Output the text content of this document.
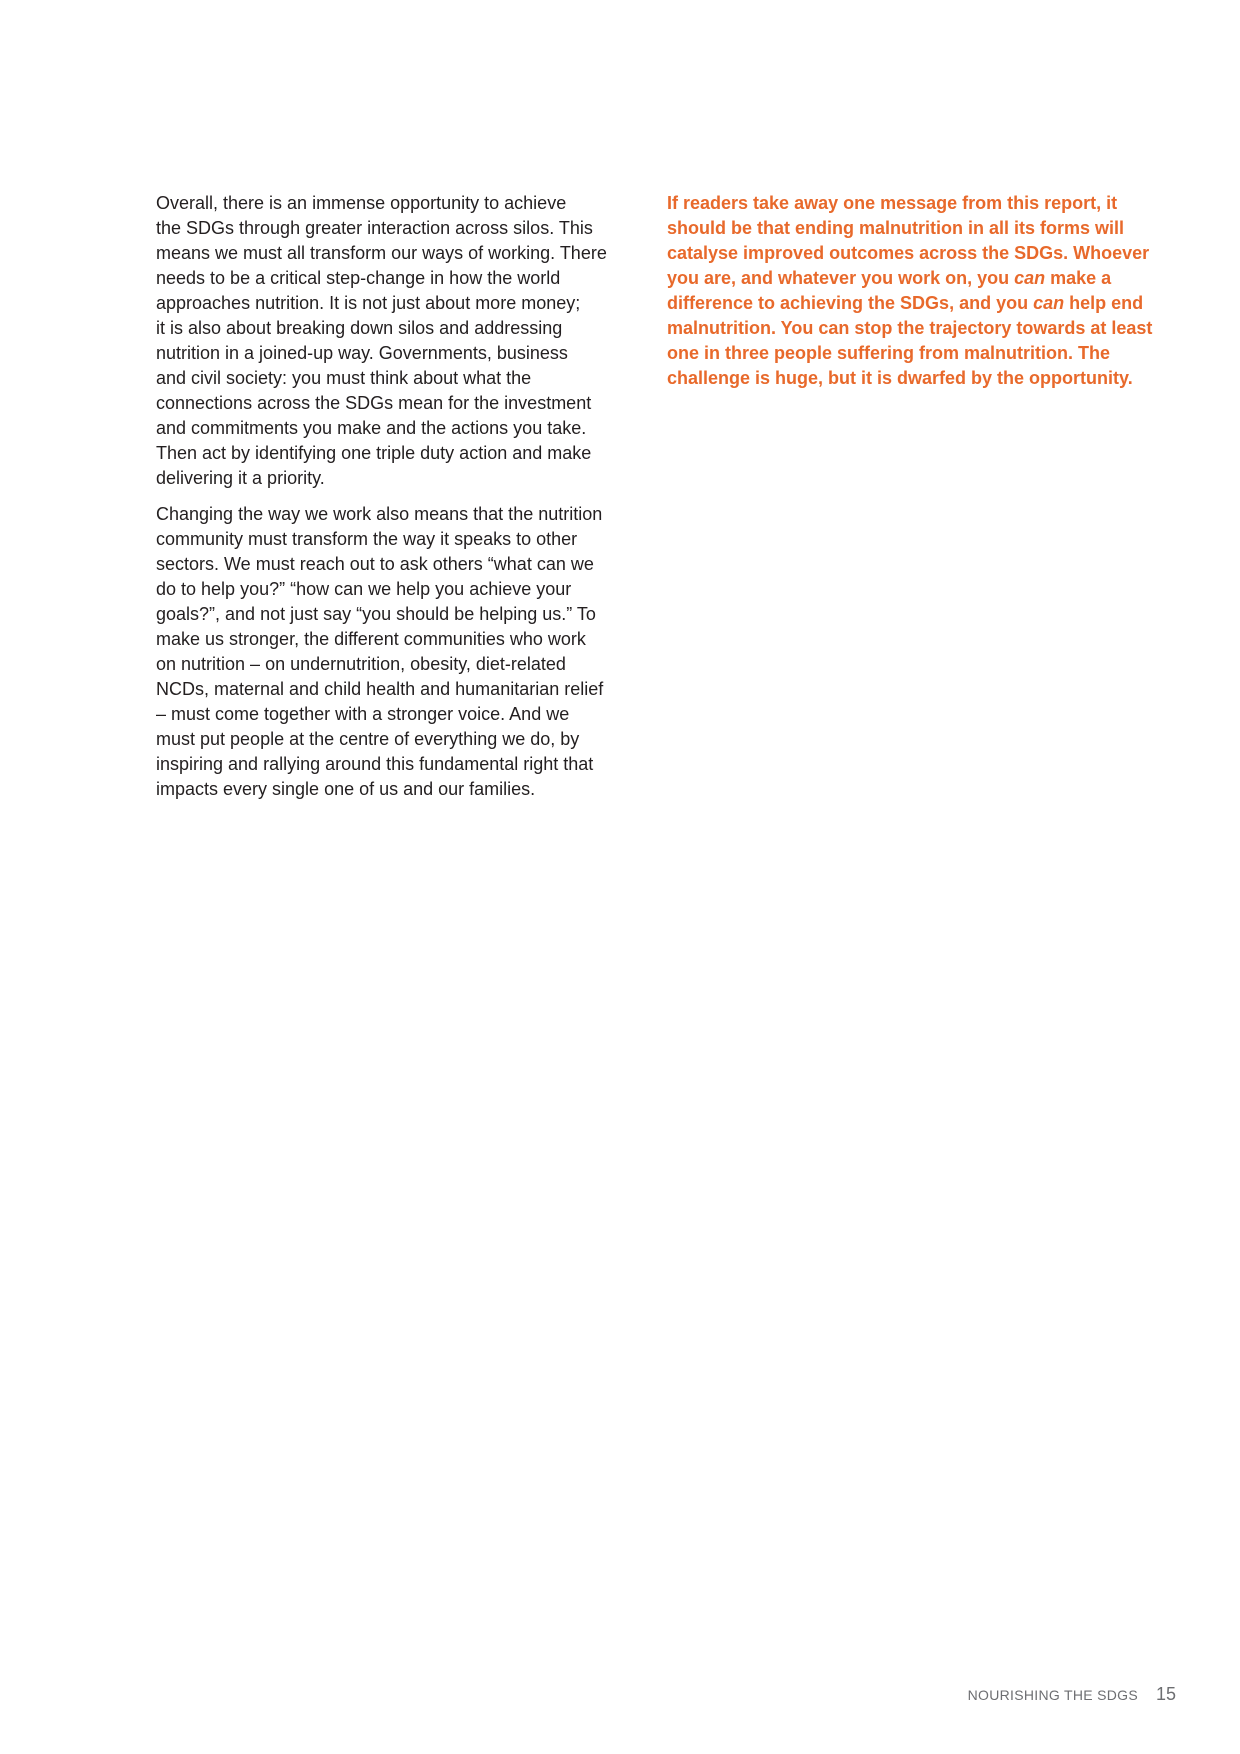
Overall, there is an immense opportunity to achieve
the SDGs through greater interaction across silos. This
means we must all transform our ways of working. There
needs to be a critical step-change in how the world
approaches nutrition. It is not just about more money;
it is also about breaking down silos and addressing
nutrition in a joined-up way. Governments, business
and civil society: you must think about what the
connections across the SDGs mean for the investment
and commitments you make and the actions you take.
Then act by identifying one triple duty action and make
delivering it a priority.

Changing the way we work also means that the nutrition
community must transform the way it speaks to other
sectors. We must reach out to ask others “what can we
do to help you?” “how can we help you achieve your
goals?”, and not just say “you should be helping us.” To
make us stronger, the different communities who work
on nutrition – on undernutrition, obesity, diet-related
NCDs, maternal and child health and humanitarian relief
– must come together with a stronger voice. And we
must put people at the centre of everything we do, by
inspiring and rallying around this fundamental right that
impacts every single one of us and our families.

If readers take away one message from this report, it should be that ending malnutrition in all its forms will catalyse improved outcomes across the SDGs. Whoever you are, and whatever you work on, you can make a difference to achieving the SDGs, and you can help end malnutrition. You can stop the trajectory towards at least one in three people suffering from malnutrition. The challenge is huge, but it is dwarfed by the opportunity.

NOURISHING THE SDGS 15
